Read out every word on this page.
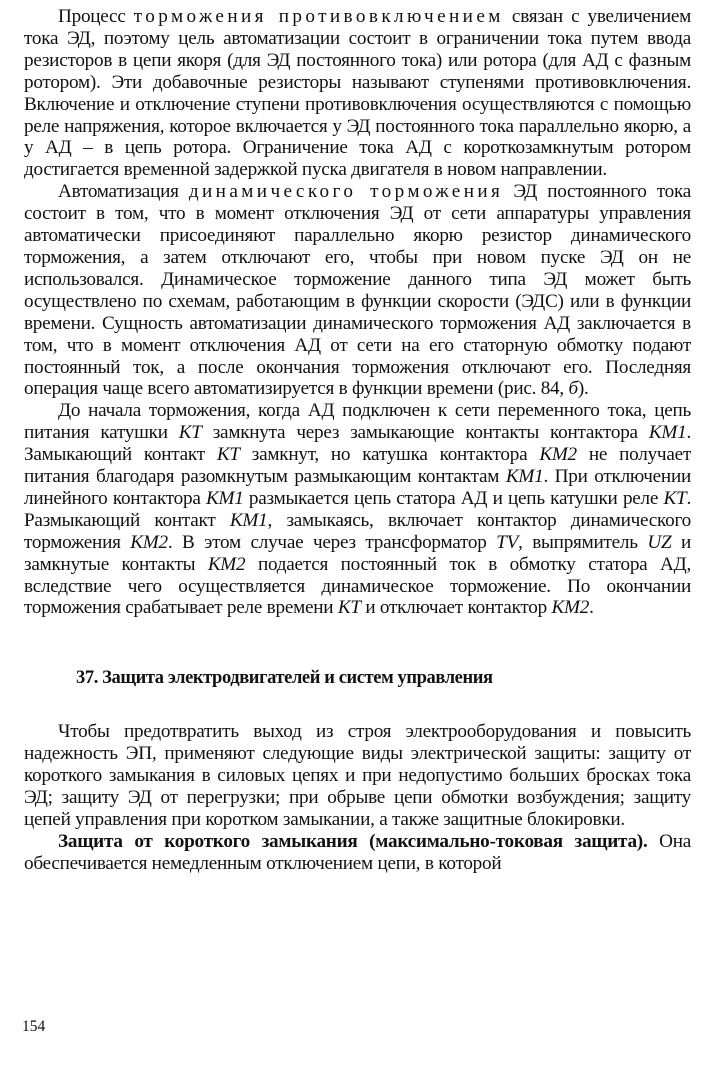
Процесс торможения противовключением связан с увеличением тока ЭД, поэтому цель автоматизации состоит в ограничении тока путем ввода резисторов в цепи якоря (для ЭД постоянного тока) или ротора (для АД с фазным ротором). Эти добавочные резисторы называют ступенями противовключения. Включение и отключение ступени противовключения осуществляются с помощью реле напряжения, которое включается у ЭД постоянного тока параллельно якорю, а у АД – в цепь ротора. Ограничение тока АД с короткозамкнутым ротором достигается временной задержкой пуска двигателя в новом направлении.

Автоматизация динамического торможения ЭД постоянного тока состоит в том, что в момент отключения ЭД от сети аппаратуры управления автоматически присоединяют параллельно якорю резистор динамического торможения, а затем отключают его, чтобы при новом пуске ЭД он не использовался. Динамическое торможение данного типа ЭД может быть осуществлено по схемам, работающим в функции скорости (ЭДС) или в функции времени. Сущность автоматизации динамического торможения АД заключается в том, что в момент отключения АД от сети на его статорную обмотку подают постоянный ток, а после окончания торможения отключают его. Последняя операция чаще всего автоматизируется в функции времени (рис. 84, б).

До начала торможения, когда АД подключен к сети переменного тока, цепь питания катушки КТ замкнута через замыкающие контакты контактора КМ1. Замыкающий контакт КТ замкнут, но катушка контактора КМ2 не получает питания благодаря разомкнутым размыкающим контактам КМ1. При отключении линейного контактора КМ1 размыкается цепь статора АД и цепь катушки реле КТ. Размыкающий контакт КМ1, замыкаясь, включает контактор динамического торможения КМ2. В этом случае через трансформатор TV, выпрямитель UZ и замкнутые контакты КМ2 подается постоянный ток в обмотку статора АД, вследствие чего осуществляется динамическое торможение. По окончании торможения срабатывает реле времени КТ и отключает контактор КМ2.

37. Защита электродвигателей и систем управления

Чтобы предотвратить выход из строя электрооборудования и повысить надежность ЭП, применяют следующие виды электрической защиты: защиту от короткого замыкания в силовых цепях и при недопустимо больших бросках тока ЭД; защиту ЭД от перегрузки; при обрыве цепи обмотки возбуждения; защиту цепей управления при коротком замыкании, а также защитные блокировки.

Защита от короткого замыкания (максимально-токовая защита). Она обеспечивается немедленным отключением цепи, в которой

154
